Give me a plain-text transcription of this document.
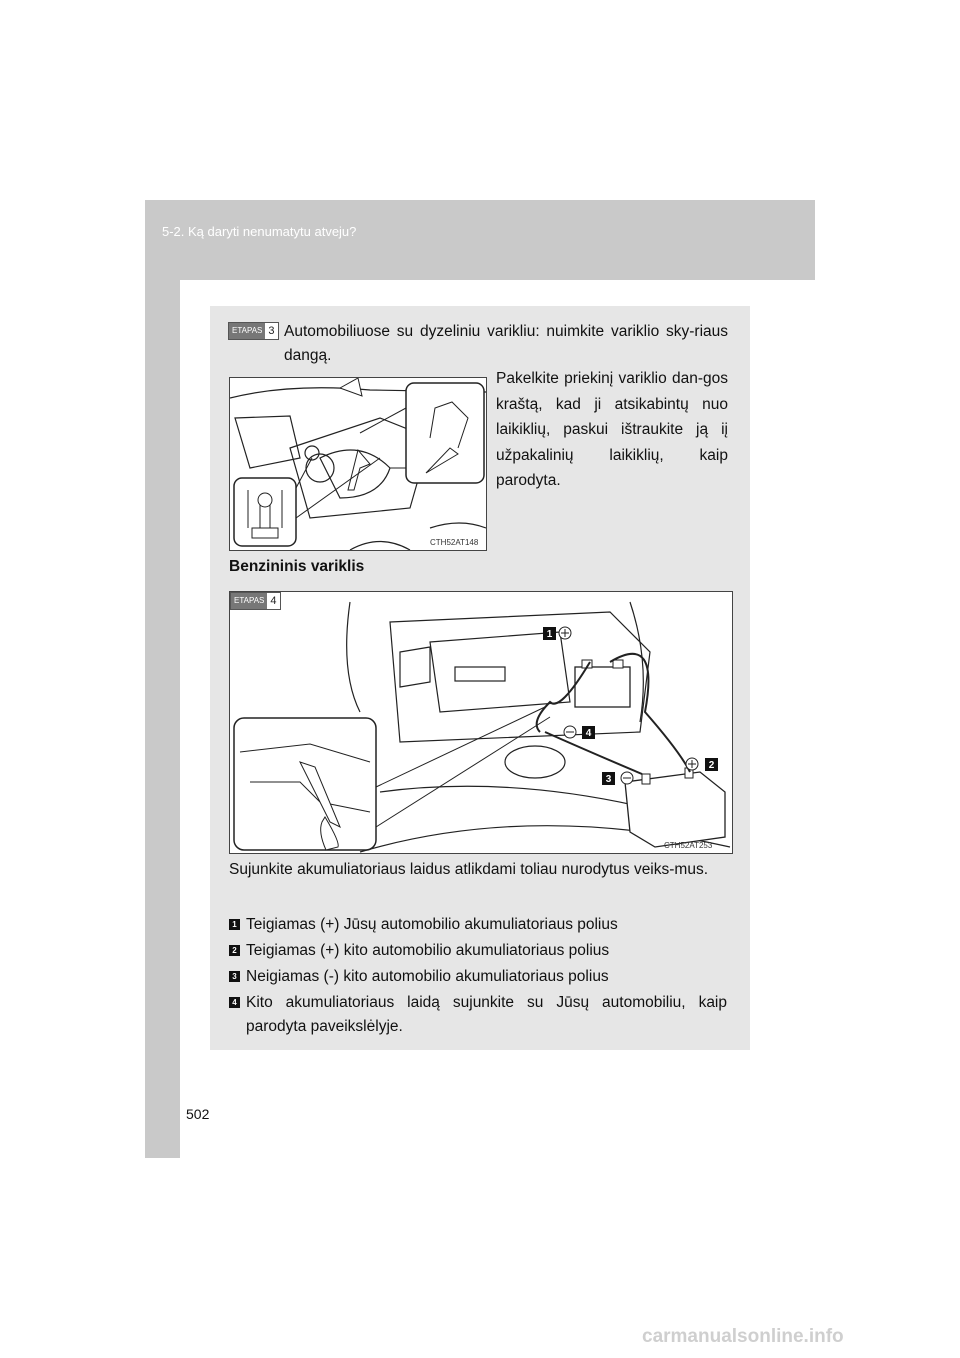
5-2. Ką daryti nenumatytu atveju?
ETAPAS 3 Automobiliuose su dyzeliniu varikliu: nuimkite variklio sky-riaus dangą.
CTH52AT148
Pakelkite priekinį variklio dan-gos kraštą, kad ji atsikabintų nuo laikiklių, paskui ištraukite ją iį užpakalinių laikiklių, kaip parodyta.
Benzininis variklis
1
2
3
4
ETAPAS 4
CTH52AT253
Sujunkite akumuliatoriaus laidus atlikdami toliau nurodytus veiks-mus.
1 Teigiamas (+) Jūsų automobilio akumuliatoriaus polius
2 Teigiamas (+) kito automobilio akumuliatoriaus polius
3 Neigiamas (-) kito automobilio akumuliatoriaus polius
4 Kito akumuliatoriaus laidą sujunkite su Jūsų automobiliu, kaip parodyta paveikslėlyje.
502
carmanualsonline.info
